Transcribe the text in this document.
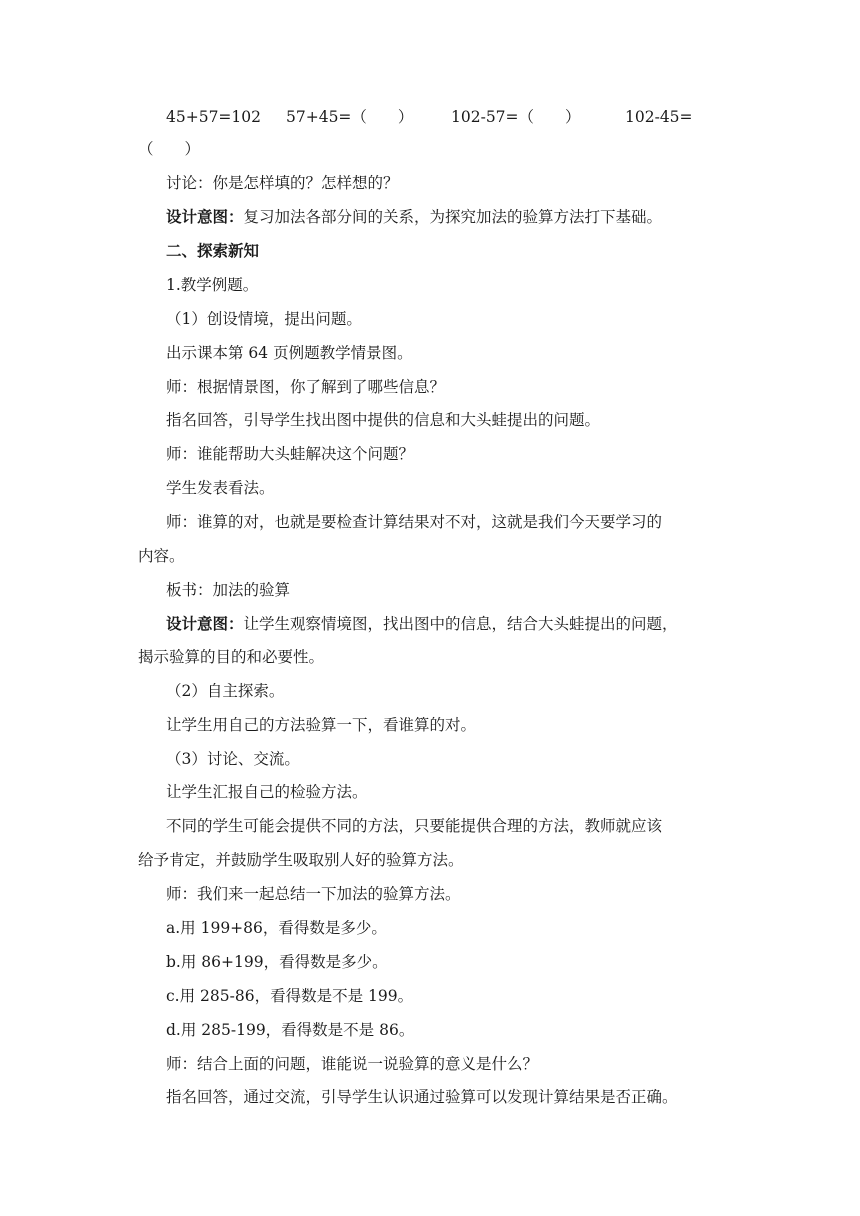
45+57=102 57+45=（　　） 102-57=（　　）	102-45=
（　　）
讨论：你是怎样填的？怎样想的？
设计意图：复习加法各部分间的关系，为探究加法的验算方法打下基础。
二、探索新知
1.教学例题。
（1）创设情境，提出问题。
出示课本第 64 页例题教学情景图。
师：根据情景图，你了解到了哪些信息？
指名回答，引导学生找出图中提供的信息和大头蛙提出的问题。
师：谁能帮助大头蛙解决这个问题？
学生发表看法。
师：谁算的对，也就是要检查计算结果对不对，这就是我们今天要学习的
内容。
板书：加法的验算
设计意图：让学生观察情境图，找出图中的信息，结合大头蛙提出的问题，
揭示验算的目的和必要性。
（2）自主探索。
让学生用自己的方法验算一下，看谁算的对。
（3）讨论、交流。
让学生汇报自己的检验方法。
不同的学生可能会提供不同的方法，只要能提供合理的方法，教师就应该
给予肯定，并鼓励学生吸取别人好的验算方法。
师：我们来一起总结一下加法的验算方法。
a.用 199+86，看得数是多少。
b.用 86+199，看得数是多少。
c.用 285-86，看得数是不是 199。
d.用 285-199，看得数是不是 86。
师：结合上面的问题，谁能说一说验算的意义是什么？
指名回答，通过交流，引导学生认识通过验算可以发现计算结果是否正确。
